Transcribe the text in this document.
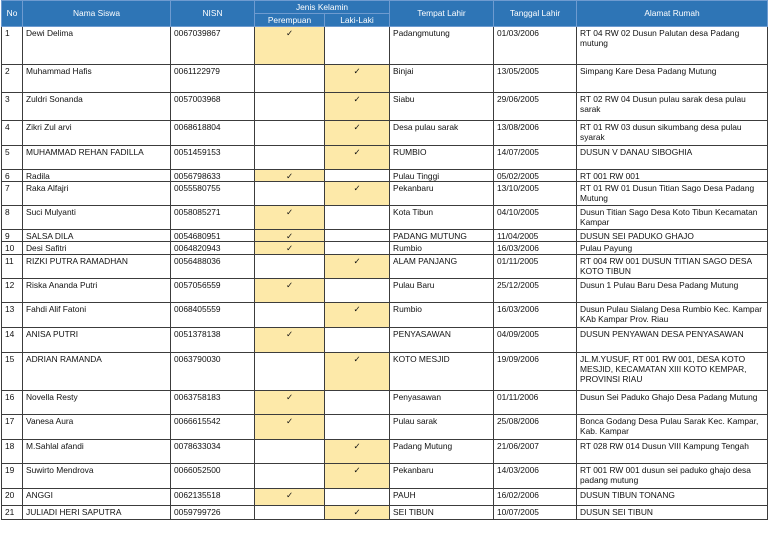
No	Nama Siswa	NISN	Jenis Kelamin		Tempat Lahir	Tanggal Lahir	Alamat Rumah
			Perempuan	Laki-Laki			
1	Dewi Delima	0067039867	✓		Padangmutung	01/03/2006	RT 04 RW 02 Dusun Palutan desa Padang mutung
2	Muhammad Hafis	0061122979		✓	Binjai	13/05/2005	Simpang Kare Desa Padang Mutung
3	Zuldri Sonanda	0057003968		✓	Siabu	29/06/2005	RT 02 RW 04 Dusun pulau sarak desa pulau sarak
4	Zikri Zul arvi	0068618804		✓	Desa pulau sarak	13/08/2006	RT 01 RW 03 dusun sikumbang desa pulau syarak
5	MUHAMMAD REHAN FADILLA	0051459153		✓	RUMBIO	14/07/2005	DUSUN V DANAU SIBOGHIA
6	Radila	0056798633	✓		Pulau Tinggi	05/02/2005	RT 001 RW 001
7	Raka Alfajri	0055580755		✓	Pekanbaru	13/10/2005	RT 01 RW 01 Dusun Titian Sago Desa Padang Mutung
8	Suci Mulyanti	0058085271	✓		Kota Tibun	04/10/2005	Dusun Titian Sago Desa Koto Tibun Kecamatan Kampar
9	SALSA DILA	0054680951	✓		PADANG MUTUNG	11/04/2005	DUSUN SEI PADUKO GHAJO
10	Desi Safitri	0064820943	✓		Rumbio	16/03/2006	Pulau Payung
11	RIZKI PUTRA RAMADHAN	0056488036		✓	ALAM PANJANG	01/11/2005	RT 004 RW 001 DUSUN TITIAN SAGO DESA KOTO TIBUN
12	Riska Ananda Putri	0057056559	✓		Pulau Baru	25/12/2005	Dusun 1 Pulau Baru Desa Padang Mutung
13	Fahdi Alif Fatoni	0068405559		✓	Rumbio	16/03/2006	Dusun Pulau Sialang Desa Rumbio Kec. Kampar KAb Kampar Prov. Riau
14	ANISA PUTRI	0051378138	✓		PENYASAWAN	04/09/2005	DUSUN PENYAWAN DESA PENYASAWAN
15	ADRIAN RAMANDA	0063790030		✓	KOTO MESJID	19/09/2006	JL.M.YUSUF, RT 001 RW 001, DESA KOTO MESJID, KECAMATAN XIII KOTO KEMPAR, PROVINSI RIAU
16	Novella Resty	0063758183	✓		Penyasawan	01/11/2006	Dusun Sei Paduko Ghajo Desa Padang Mutung
17	Vanesa Aura	0066615542	✓		Pulau sarak	25/08/2006	Bonca Godang Desa Pulau Sarak Kec. Kampar, Kab. Kampar
18	M.Sahlal afandi	0078633034		✓	Padang Mutung	21/06/2007	RT 028 RW 014 Dusun VIII Kampung Tengah
19	Suwirto Mendrova	0066052500		✓	Pekanbaru	14/03/2006	RT 001 RW 001 dusun sei paduko ghajo desa padang mutung
20	ANGGI	0062135518	✓		PAUH	16/02/2006	DUSUN TIBUN TONANG
21	JULIADI HERI SAPUTRA	0059799726		✓	SEI TIBUN	10/07/2005	DUSUN SEI TIBUN
